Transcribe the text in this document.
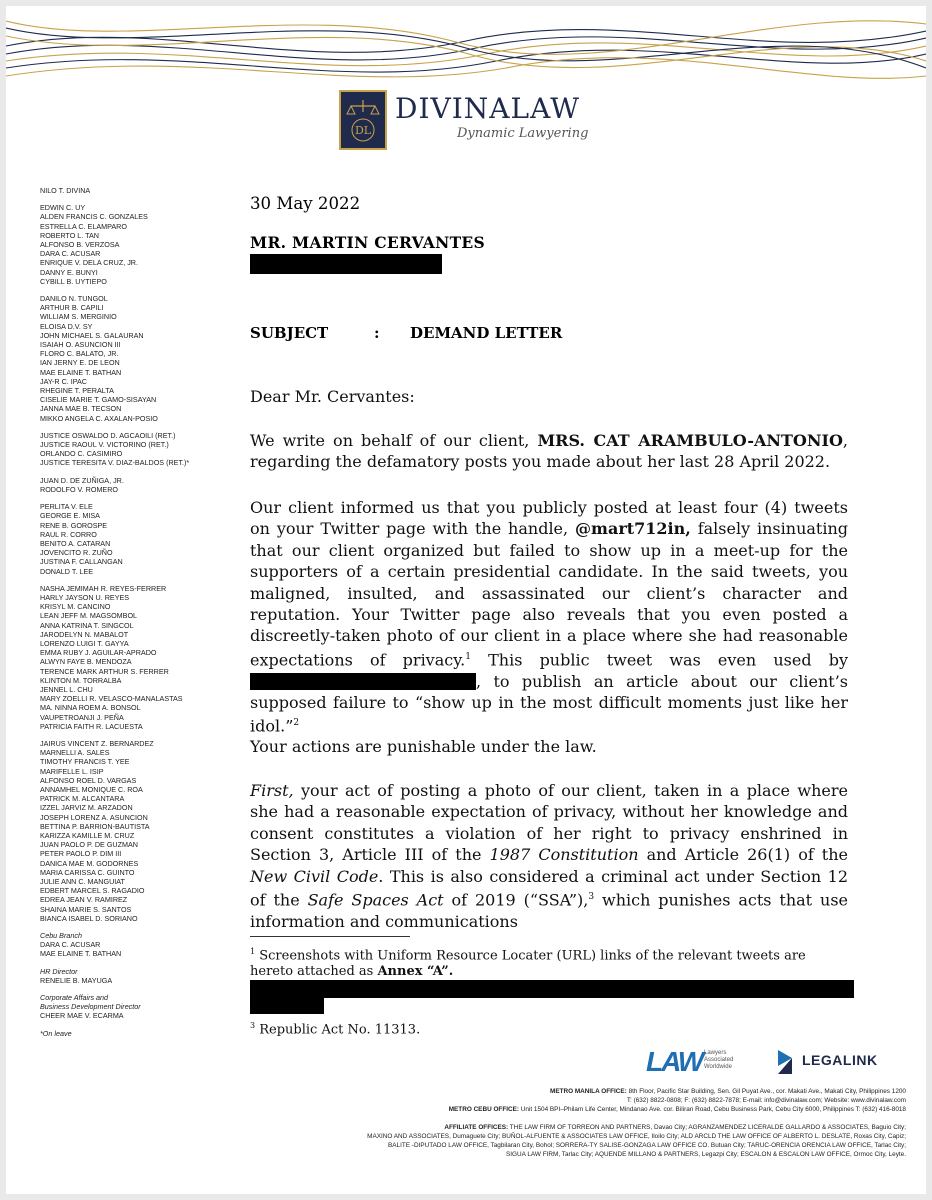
DL
DIVINALAW
Dynamic Lawyering
NILO T. DIVINA
EDWIN C. UY
ALDEN FRANCIS C. GONZALES
ESTRELLA C. ELAMPARO
ROBERTO L. TAN
ALFONSO B. VERZOSA
DARA C. ACUSAR
ENRIQUE V. DELA CRUZ, JR.
DANNY E. BUNYI
CYBILL B. UYTIEPO
DANILO N. TUNGOL
ARTHUR B. CAPILI
WILLIAM S. MERGINIO
ELOISA D.V. SY
JOHN MICHAEL S. GALAURAN
ISAIAH O. ASUNCION III
FLORO C. BALATO, JR.
IAN JERNY E. DE LEON
MAE ELAINE T. BATHAN
JAY-R C. IPAC
RHEGINE T. PERALTA
CISELIE MARIE T. GAMO-SISAYAN
JANNA MAE B. TECSON
MIKKO ANGELA C. AXALAN-POSIO
JUSTICE OSWALDO D. AGCAOILI (RET.)
JUSTICE RAOUL V. VICTORINO (RET.)
ORLANDO C. CASIMIRO
JUSTICE TERESITA V. DIAZ-BALDOS (RET.)*
JUAN D. DE ZUÑIGA, JR.
RODOLFO V. ROMERO
PERLITA V. ELE
GEORGE E. MISA
RENE B. GOROSPE
RAUL R. CORRO
BENITO A. CATARAN
JOVENCITO R. ZUÑO
JUSTINA F. CALLANGAN
DONALD T. LEE
NASHA JEMIMAH R. REYES-FERRER
HARLY JAYSON U. REYES
KRISYL M. CANCINO
LEAN JEFF M. MAGSOMBOL
ANNA KATRINA T. SINGCOL
JARODELYN N. MABALOT
LORENZO LUIGI T. GAYYA
EMMA RUBY J. AGUILAR-APRADO
ALWYN FAYE B. MENDOZA
TERENCE MARK ARTHUR S. FERRER
KLINTON M. TORRALBA
JENNEL L. CHU
MARY ZOELLI R. VELASCO-MANALASTAS
MA. NINNA ROEM A. BONSOL
VAUPETROANJI J. PEÑA
PATRICIA FAITH R. LACUESTA
JAIRUS VINCENT Z. BERNARDEZ
MARNELLI A. SALES
TIMOTHY FRANCIS T. YEE
MARIFELLE L. ISIP
ALFONSO ROEL D. VARGAS
ANNAMHEL MONIQUE C. ROA
PATRICK M. ALCANTARA
IZZEL JARVIZ M. ARZADON
JOSEPH LORENZ A. ASUNCION
BETTINA P. BARRION-BAUTISTA
KARIZZA KAMILLE M. CRUZ
JUAN PAOLO P. DE GUZMAN
PETER PAOLO P. DIM III
DANICA MAE M. GODORNES
MARIA CARISSA C. GUINTO
JULIE ANN C. MANGUIAT
EDBERT MARCEL S. RAGADIO
EDREA JEAN V. RAMIREZ
SHAINA MARIE S. SANTOS
BIANCA ISABEL D. SORIANO
Cebu Branch
DARA C. ACUSAR
MAE ELAINE T. BATHAN
HR Director
RENELIE B. MAYUGA
Corporate Affairs and
Business Development Director
CHEER MAE V. ECARMA
*On leave
30 May 2022
MR. MARTIN CERVANTES
SUBJECT	: DEMAND LETTER
Dear Mr. Cervantes:
We write on behalf of our client, MRS. CAT ARAMBULO-ANTONIO, regarding the defamatory posts you made about her last 28 April 2022.
Our client informed us that you publicly posted at least four (4) tweets on your Twitter page with the handle, @mart712in, falsely insinuating that our client organized but failed to show up in a meet-up for the supporters of a certain presidential candidate. In the said tweets, you maligned, insulted, and assassinated our client’s character and reputation. Your Twitter page also reveals that you even posted a discreetly-taken photo of our client in a place where she had reasonable expectations of privacy.$^1$ This public tweet was even used by , to publish an article about our client’s supposed failure to “show up in the most difficult moments just like her idol.”$^2$
Your actions are punishable under the law.
First, your act of posting a photo of our client, taken in a place where she had a reasonable expectation of privacy, without her knowledge and consent constitutes a violation of her right to privacy enshrined in Section 3, Article III of the 1987 Constitution and Article 26(1) of the New Civil Code. This is also considered a criminal act under Section 12 of the Safe Spaces Act of 2019 (“SSA”),$^3$ which punishes acts that use information and communications
$^1$ Screenshots with Uniform Resource Locater (URL) links of the relevant tweets are hereto attached as Annex “A”.
$^3$ Republic Act No. 11313.
LAW Lawyers Associated Worldwide	LEGALINK
METRO MANILA OFFICE: 8th Floor, Pacific Star Building, Sen. Gil Puyat Ave., cor. Makati Ave., Makati City, Philippines 1200
T: (632) 8822-0808; F: (632) 8822-7878; E-mail: info@divinalaw.com; Website: www.divinalaw.com
METRO CEBU OFFICE: Unit 1504 BPI–Philam Life Center, Mindanao Ave. cor. Biliran Road, Cebu Business Park, Cebu City 6000, Philippines T: (632) 416-8018
AFFILIATE OFFICES: THE LAW FIRM OF TORREON AND PARTNERS, Davao City; AGRANZAMENDEZ LICERALDE GALLARDO & ASSOCIATES, Baguio City;
MAXINO AND ASSOCIATES, Dumaguete City; BUÑOL-ALFUENTE & ASSOCIATES LAW OFFICE, Iloilo City; ALD ARCLD THE LAW OFFICE OF ALBERTO L. DESLATE, Roxas City, Capiz;
BALITE -DIPUTADO LAW OFFICE, Tagbilaran City, Bohol; SORRERA-TY SALISE-GONZAGA LAW OFFICE CO. Butuan City; TARUC-ORENCIA ORENCIA LAW OFFICE, Tarlac City;
SIGUA LAW FIRM, Tarlac City; AQUENDE MILLANO & PARTNERS, Legazpi City; ESCALON & ESCALON LAW OFFICE, Ormoc City, Leyte.
